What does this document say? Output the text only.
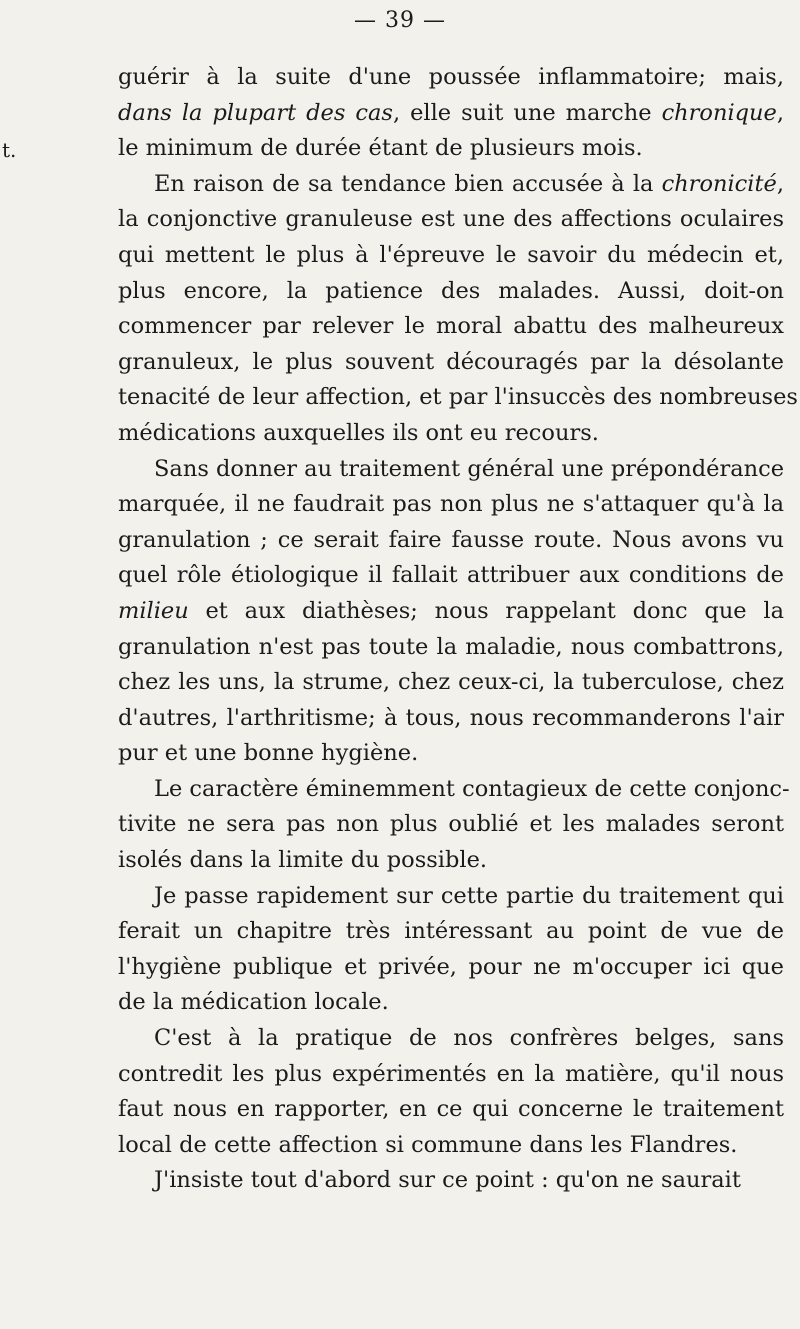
— 39 —
t.
guérir à la suite d'une poussée inflammatoire; mais,
dans la plupart des cas, elle suit une marche chronique,
le minimum de durée étant de plusieurs mois.
En raison de sa tendance bien accusée à la chronicité,
la conjonctive granuleuse est une des affections oculaires
qui mettent le plus à l'épreuve le savoir du médecin et,
plus encore, la patience des malades. Aussi, doit-on
commencer par relever le moral abattu des malheureux
granuleux, le plus souvent découragés par la désolante
tenacité de leur affection, et par l'insuccès des nombreuses
médications auxquelles ils ont eu recours.
Sans donner au traitement général une prépondérance
marquée, il ne faudrait pas non plus ne s'attaquer qu'à la
granulation ; ce serait faire fausse route. Nous avons vu
quel rôle étiologique il fallait attribuer aux conditions de
milieu et aux diathèses; nous rappelant donc que la
granulation n'est pas toute la maladie, nous combattrons,
chez les uns, la strume, chez ceux-ci, la tuberculose, chez
d'autres, l'arthritisme; à tous, nous recommanderons l'air
pur et une bonne hygiène.
Le caractère éminemment contagieux de cette conjonc-
tivite ne sera pas non plus oublié et les malades seront
isolés dans la limite du possible.
Je passe rapidement sur cette partie du traitement qui
ferait un chapitre très intéressant au point de vue de
l'hygiène publique et privée, pour ne m'occuper ici que
de la médication locale.
C'est à la pratique de nos confrères belges, sans
contredit les plus expérimentés en la matière, qu'il nous
faut nous en rapporter, en ce qui concerne le traitement
local de cette affection si commune dans les Flandres.
J'insiste tout d'abord sur ce point : qu'on ne saurait
